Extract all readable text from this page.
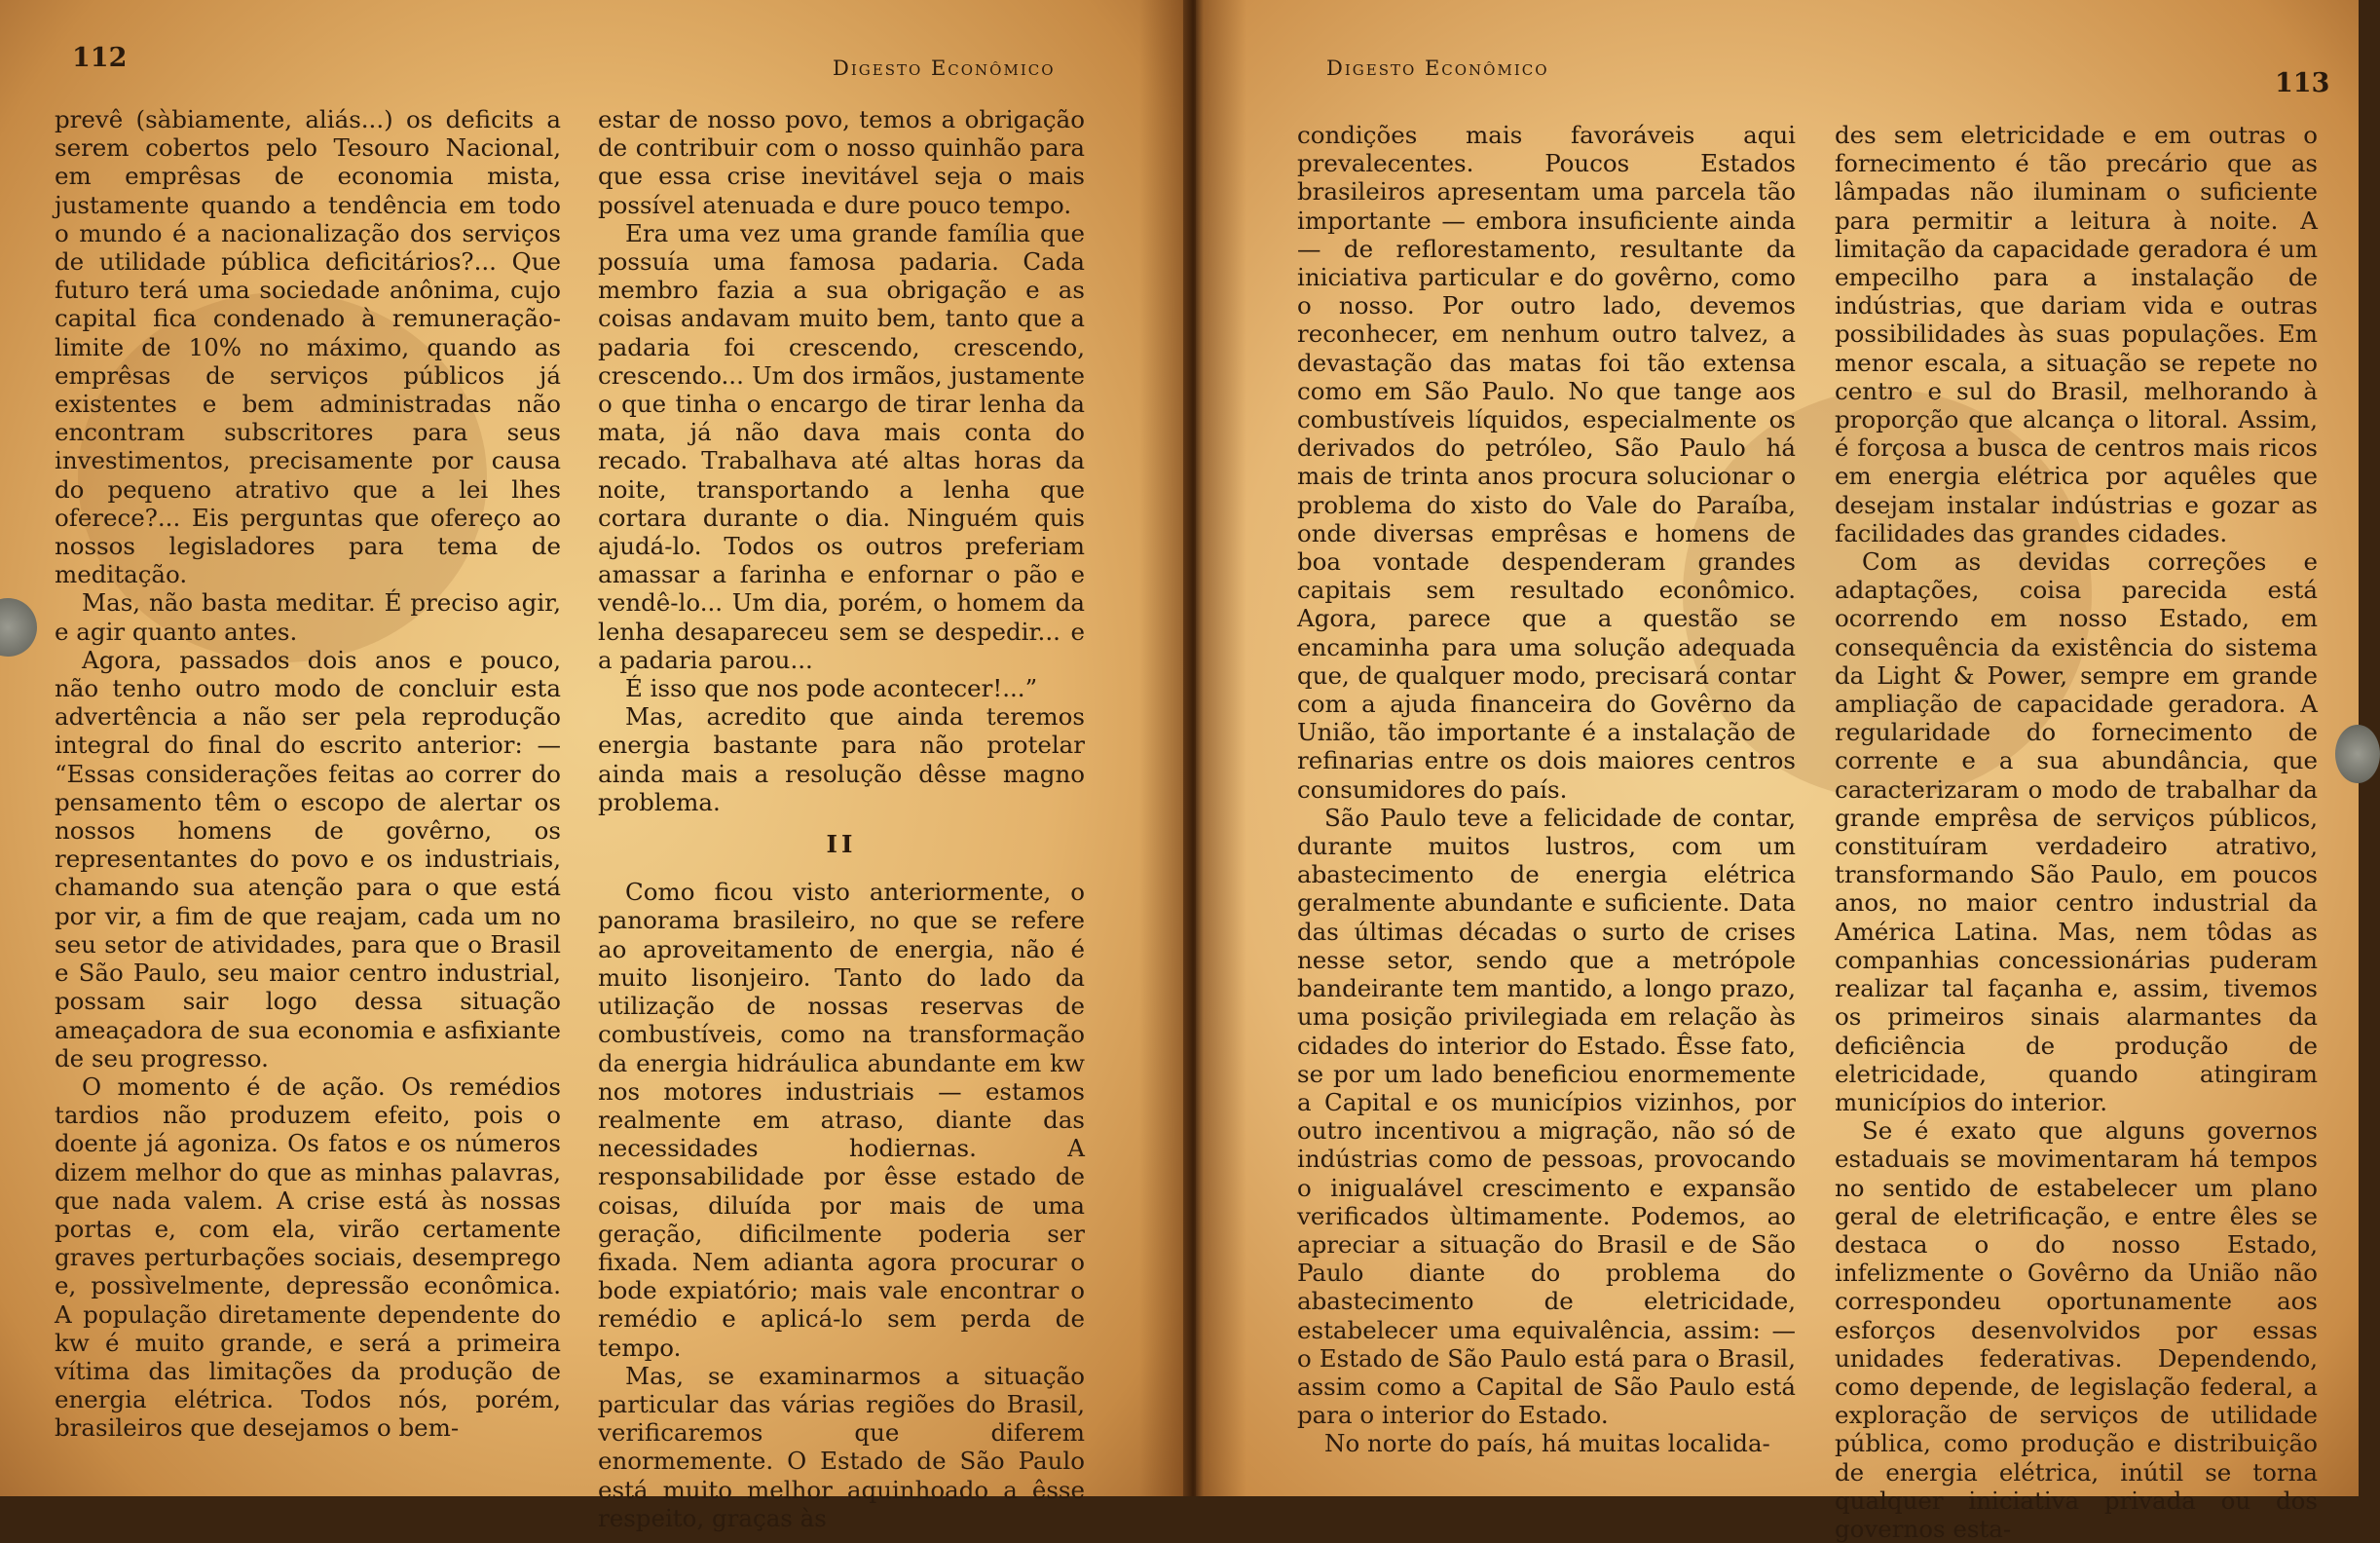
112	Digesto Econômico

prevê (sàbiamente, aliás...) os deficits a serem cobertos pelo Tesouro Nacional, em emprêsas de economia mista, justamente quando a tendência em todo o mundo é a nacionalização dos serviços de utilidade pública deficitários?... Que futuro terá uma sociedade anônima, cujo capital fica condenado à remuneração-limite de 10% no máximo, quando as emprêsas de serviços públicos já existentes e bem administradas não encontram subscritores para seus investimentos, precisamente por causa do pequeno atrativo que a lei lhes oferece?... Eis perguntas que ofereço ao nossos legisladores para tema de meditação.

Mas, não basta meditar. É preciso agir, e agir quanto antes.

Agora, passados dois anos e pouco, não tenho outro modo de concluir esta advertência a não ser pela reprodução integral do final do escrito anterior: — “Essas considerações feitas ao correr do pensamento têm o escopo de alertar os nossos homens de govêrno, os representantes do povo e os industriais, chamando sua atenção para o que está por vir, a fim de que reajam, cada um no seu setor de atividades, para que o Brasil e São Paulo, seu maior centro industrial, possam sair logo dessa situação ameaçadora de sua economia e asfixiante de seu progresso.

O momento é de ação. Os remédios tardios não produzem efeito, pois o doente já agoniza. Os fatos e os números dizem melhor do que as minhas palavras, que nada valem. A crise está às nossas portas e, com ela, virão certamente graves perturbações sociais, desemprego e, possìvelmente, depressão econômica. A população diretamente dependente do kw é muito grande, e será a primeira vítima das limitações da produção de energia elétrica. Todos nós, porém, brasileiros que desejamos o bem-

estar de nosso povo, temos a obrigação de contribuir com o nosso quinhão para que essa crise inevitável seja o mais possível atenuada e dure pouco tempo.

Era uma vez uma grande família que possuía uma famosa padaria. Cada membro fazia a sua obrigação e as coisas andavam muito bem, tanto que a padaria foi crescendo, crescendo, crescendo... Um dos irmãos, justamente o que tinha o encargo de tirar lenha da mata, já não dava mais conta do recado. Trabalhava até altas horas da noite, transportando a lenha que cortara durante o dia. Ninguém quis ajudá-lo. Todos os outros preferiam amassar a farinha e enfornar o pão e vendê-lo... Um dia, porém, o homem da lenha desapareceu sem se despedir... e a padaria parou...

É isso que nos pode acontecer!...”

Mas, acredito que ainda teremos energia bastante para não protelar ainda mais a resolução dêsse magno problema.

II

Como ficou visto anteriormente, o panorama brasileiro, no que se refere ao aproveitamento de energia, não é muito lisonjeiro. Tanto do lado da utilização de nossas reservas de combustíveis, como na transformação da energia hidráulica abundante em kw nos motores industriais — estamos realmente em atraso, diante das necessidades hodiernas. A responsabilidade por êsse estado de coisas, diluída por mais de uma geração, dificilmente poderia ser fixada. Nem adianta agora procurar o bode expiatório; mais vale encontrar o remédio e aplicá-lo sem perda de tempo.

Mas, se examinarmos a situação particular das várias regiões do Brasil, verificaremos que diferem enormemente. O Estado de São Paulo está muito melhor aquinhoado a êsse respeito, graças às

Digesto Econômico	113

condições mais favoráveis aqui prevalecentes. Poucos Estados brasileiros apresentam uma parcela tão importante — embora insuficiente ainda — de reflorestamento, resultante da iniciativa particular e do govêrno, como o nosso. Por outro lado, devemos reconhecer, em nenhum outro talvez, a devastação das matas foi tão extensa como em São Paulo. No que tange aos combustíveis líquidos, especialmente os derivados do petróleo, São Paulo há mais de trinta anos procura solucionar o problema do xisto do Vale do Paraíba, onde diversas emprêsas e homens de boa vontade despenderam grandes capitais sem resultado econômico. Agora, parece que a questão se encaminha para uma solução adequada que, de qualquer modo, precisará contar com a ajuda financeira do Govêrno da União, tão importante é a instalação de refinarias entre os dois maiores centros consumidores do país.

São Paulo teve a felicidade de contar, durante muitos lustros, com um abastecimento de energia elétrica geralmente abundante e suficiente. Data das últimas décadas o surto de crises nesse setor, sendo que a metrópole bandeirante tem mantido, a longo prazo, uma posição privilegiada em relação às cidades do interior do Estado. Êsse fato, se por um lado beneficiou enormemente a Capital e os municípios vizinhos, por outro incentivou a migração, não só de indústrias como de pessoas, provocando o inigualável crescimento e expansão verificados ùltimamente. Podemos, ao apreciar a situação do Brasil e de São Paulo diante do problema do abastecimento de eletricidade, estabelecer uma equivalência, assim: — o Estado de São Paulo está para o Brasil, assim como a Capital de São Paulo está para o interior do Estado.

No norte do país, há muitas localida-

des sem eletricidade e em outras o fornecimento é tão precário que as lâmpadas não iluminam o suficiente para permitir a leitura à noite. A limitação da capacidade geradora é um empecilho para a instalação de indústrias, que dariam vida e outras possibilidades às suas populações. Em menor escala, a situação se repete no centro e sul do Brasil, melhorando à proporção que alcança o litoral. Assim, é forçosa a busca de centros mais ricos em energia elétrica por aquêles que desejam instalar indústrias e gozar as facilidades das grandes cidades.

Com as devidas correções e adaptações, coisa parecida está ocorrendo em nosso Estado, em consequência da existência do sistema da Light & Power, sempre em grande ampliação de capacidade geradora. A regularidade do fornecimento de corrente e a sua abundância, que caracterizaram o modo de trabalhar da grande emprêsa de serviços públicos, constituíram verdadeiro atrativo, transformando São Paulo, em poucos anos, no maior centro industrial da América Latina. Mas, nem tôdas as companhias concessionárias puderam realizar tal façanha e, assim, tivemos os primeiros sinais alarmantes da deficiência de produção de eletricidade, quando atingiram municípios do interior.

Se é exato que alguns governos estaduais se movimentaram há tempos no sentido de estabelecer um plano geral de eletrificação, e entre êles se destaca o do nosso Estado, infelizmente o Govêrno da União não correspondeu oportunamente aos esforços desenvolvidos por essas unidades federativas. Dependendo, como depende, de legislação federal, a exploração de serviços de utilidade pública, como produção e distribuição de energia elétrica, inútil se torna qualquer iniciativa privada ou dos governos esta-
